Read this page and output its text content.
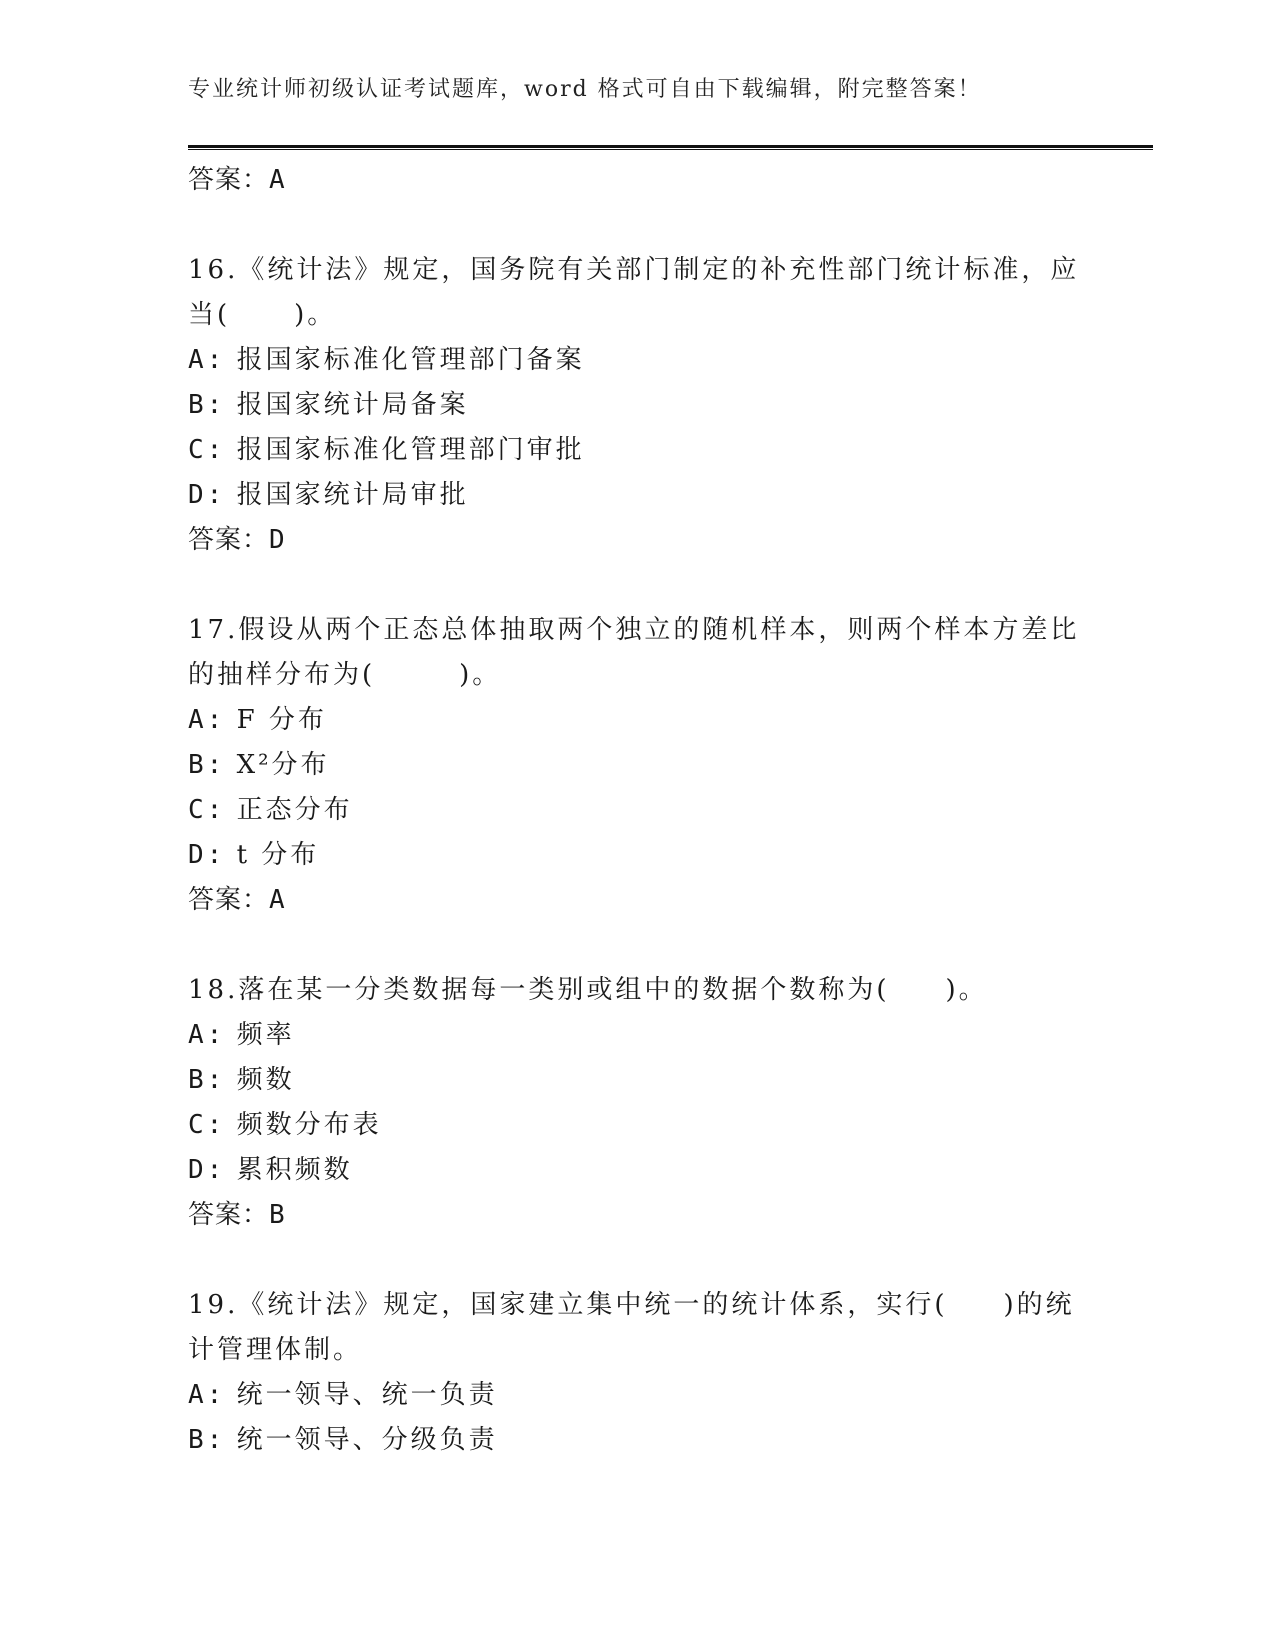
专业统计师初级认证考试题库，word 格式可自由下载编辑，附完整答案！
答案：A
16.《统计法》规定，国务院有关部门制定的补充性部门统计标准，应当( )。
A: 报国家标准化管理部门备案
B: 报国家统计局备案
C: 报国家标准化管理部门审批
D: 报国家统计局审批
答案：D
17.假设从两个正态总体抽取两个独立的随机样本，则两个样本方差比的抽样分布为(	)。
A: F 分布
B: X²分布
C: 正态分布
D: t 分布
答案：A
18.落在某一分类数据每一类别或组中的数据个数称为( )。
A: 频率
B: 频数
C: 频数分布表
D: 累积频数
答案：B
19.《统计法》规定，国家建立集中统一的统计体系，实行( )的统计管理体制。
A: 统一领导、统一负责
B: 统一领导、分级负责
